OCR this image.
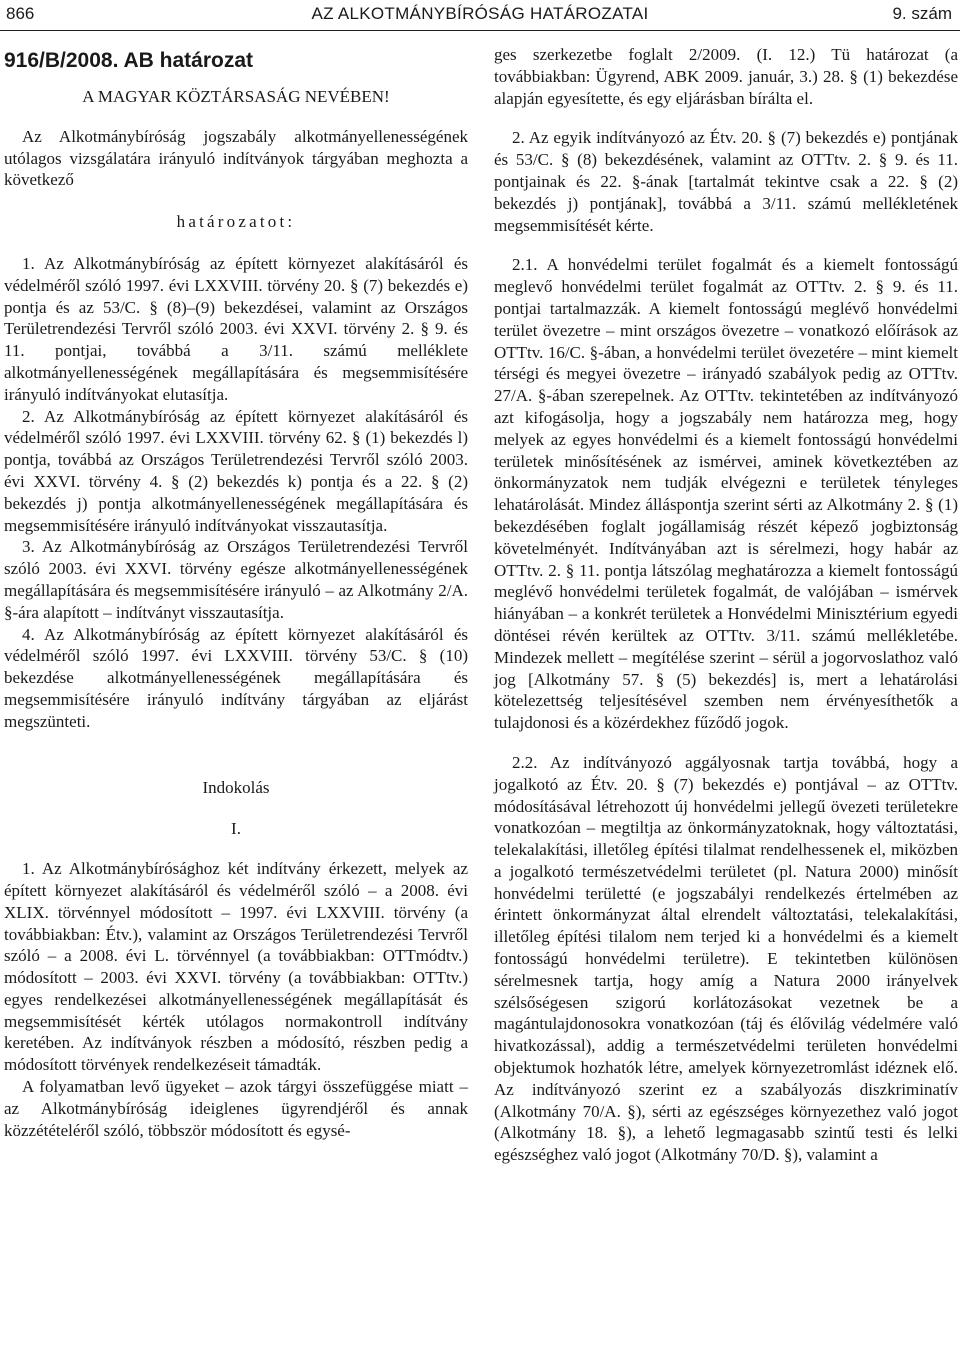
866	AZ ALKOTMÁNYBÍRÓSÁG HATÁROZATAI	9. szám
916/B/2008. AB határozat
A MAGYAR KÖZTÁRSASÁG NEVÉBEN!

Az Alkotmánybíróság jogszabály alkotmányellenességének utólagos vizsgálatára irányuló indítványok tárgyában meghozta a következő

határozatot:

1. Az Alkotmánybíróság az épített környezet alakításáról és védelméről szóló 1997. évi LXXVIII. törvény 20. § (7) bekezdés e) pontja és az 53/C. § (8)–(9) bekezdései, valamint az Országos Területrendezési Tervről szóló 2003. évi XXVI. törvény 2. § 9. és 11. pontjai, továbbá a 3/11. számú melléklete alkotmányellenességének megállapítására és megsemmisítésére irányuló indítványokat elutasítja.

2. Az Alkotmánybíróság az épített környezet alakításáról és védelméről szóló 1997. évi LXXVIII. törvény 62. § (1) bekezdés l) pontja, továbbá az Országos Területrendezési Tervről szóló 2003. évi XXVI. törvény 4. § (2) bekezdés k) pontja és a 22. § (2) bekezdés j) pontja alkotmányellenességének megállapítására és megsemmisítésére irányuló indítványokat visszautasítja.

3. Az Alkotmánybíróság az Országos Területrendezési Tervről szóló 2003. évi XXVI. törvény egésze alkotmányellenességének megállapítására és megsemmisítésére irányuló – az Alkotmány 2/A. §-ára alapított – indítványt visszautasítja.

4. Az Alkotmánybíróság az épített környezet alakításáról és védelméről szóló 1997. évi LXXVIII. törvény 53/C. § (10) bekezdése alkotmányellenességének megállapítására és megsemmisítésére irányuló indítvány tárgyában az eljárást megszünteti.

Indokolás

I.

1. Az Alkotmánybírósághoz két indítvány érkezett, melyek az épített környezet alakításáról és védelméről szóló – a 2008. évi XLIX. törvénnyel módosított – 1997. évi LXXVIII. törvény (a továbbiakban: Étv.), valamint az Országos Területrendezési Tervről szóló – a 2008. évi L. törvénnyel (a továbbiakban: OTTmódtv.) módosított – 2003. évi XXVI. törvény (a továbbiakban: OTTtv.) egyes rendelkezései alkotmányellenességének megállapítását és megsemmisítését kérték utólagos normakontroll indítvány keretében. Az indítványok részben a módosító, részben pedig a módosított törvények rendelkezéseit támadták.

A folyamatban levő ügyeket – azok tárgyi összefüggése miatt – az Alkotmánybíróság ideiglenes ügyrendjéről és annak közzétételéről szóló, többször módosított és egysé-

ges szerkezetbe foglalt 2/2009. (I. 12.) Tü határozat (a továbbiakban: Ügyrend, ABK 2009. január, 3.) 28. § (1) bekezdése alapján egyesítette, és egy eljárásban bírálta el.

2. Az egyik indítványozó az Étv. 20. § (7) bekezdés e) pontjának és 53/C. § (8) bekezdésének, valamint az OTTtv. 2. § 9. és 11. pontjainak és 22. §-ának [tartalmát tekintve csak a 22. § (2) bekezdés j) pontjának], továbbá a 3/11. számú mellékletének megsemmisítését kérte.

2.1. A honvédelmi terület fogalmát és a kiemelt fontosságú meglevő honvédelmi terület fogalmát az OTTtv. 2. § 9. és 11. pontjai tartalmazzák. A kiemelt fontosságú meglévő honvédelmi terület övezetre – mint országos övezetre – vonatkozó előírások az OTTtv. 16/C. §-ában, a honvédelmi terület övezetére – mint kiemelt térségi és megyei övezetre – irányadó szabályok pedig az OTTtv. 27/A. §-ában szerepelnek. Az OTTtv. tekintetében az indítványozó azt kifogásolja, hogy a jogszabály nem határozza meg, hogy melyek az egyes honvédelmi és a kiemelt fontosságú honvédelmi területek minősítésének az ismérvei, aminek következtében az önkormányzatok nem tudják elvégezni e területek tényleges lehatárolását. Mindez álláspontja szerint sérti az Alkotmány 2. § (1) bekezdésében foglalt jogállamiság részét képező jogbiztonság követelményét. Indítványában azt is sérelmezi, hogy habár az OTTtv. 2. § 11. pontja látszólag meghatározza a kiemelt fontosságú meglévő honvédelmi területek fogalmát, de valójában – ismérvek hiányában – a konkrét területek a Honvédelmi Minisztérium egyedi döntései révén kerültek az OTTtv. 3/11. számú mellékletébe. Mindezek mellett – megítélése szerint – sérül a jogorvoslathoz való jog [Alkotmány 57. § (5) bekezdés] is, mert a lehatárolási kötelezettség teljesítésével szemben nem érvényesíthetők a tulajdonosi és a közérdekhez fűződő jogok.

2.2. Az indítványozó aggályosnak tartja továbbá, hogy a jogalkotó az Étv. 20. § (7) bekezdés e) pontjával – az OTTtv. módosításával létrehozott új honvédelmi jellegű övezeti területekre vonatkozóan – megtiltja az önkormányzatoknak, hogy változtatási, telekalakítási, illetőleg építési tilalmat rendelhessenek el, miközben a jogalkotó természetvédelmi területet (pl. Natura 2000) minősít honvédelmi területté (e jogszabályi rendelkezés értelmében az érintett önkormányzat által elrendelt változtatási, telekalakítási, illetőleg építési tilalom nem terjed ki a honvédelmi és a kiemelt fontosságú honvédelmi területre). E tekintetben különösen sérelmesnek tartja, hogy amíg a Natura 2000 irányelvek szélsőségesen szigorú korlátozásokat vezetnek be a magántulajdonosokra vonatkozóan (táj és élővilág védelmére való hivatkozással), addig a természetvédelmi területen honvédelmi objektumok hozhatók létre, amelyek környezetromlást idéznek elő. Az indítványozó szerint ez a szabályozás diszkriminatív (Alkotmány 70/A. §), sérti az egészséges környezethez való jogot (Alkotmány 18. §), a lehető legmagasabb szintű testi és lelki egészséghez való jogot (Alkotmány 70/D. §), valamint a
